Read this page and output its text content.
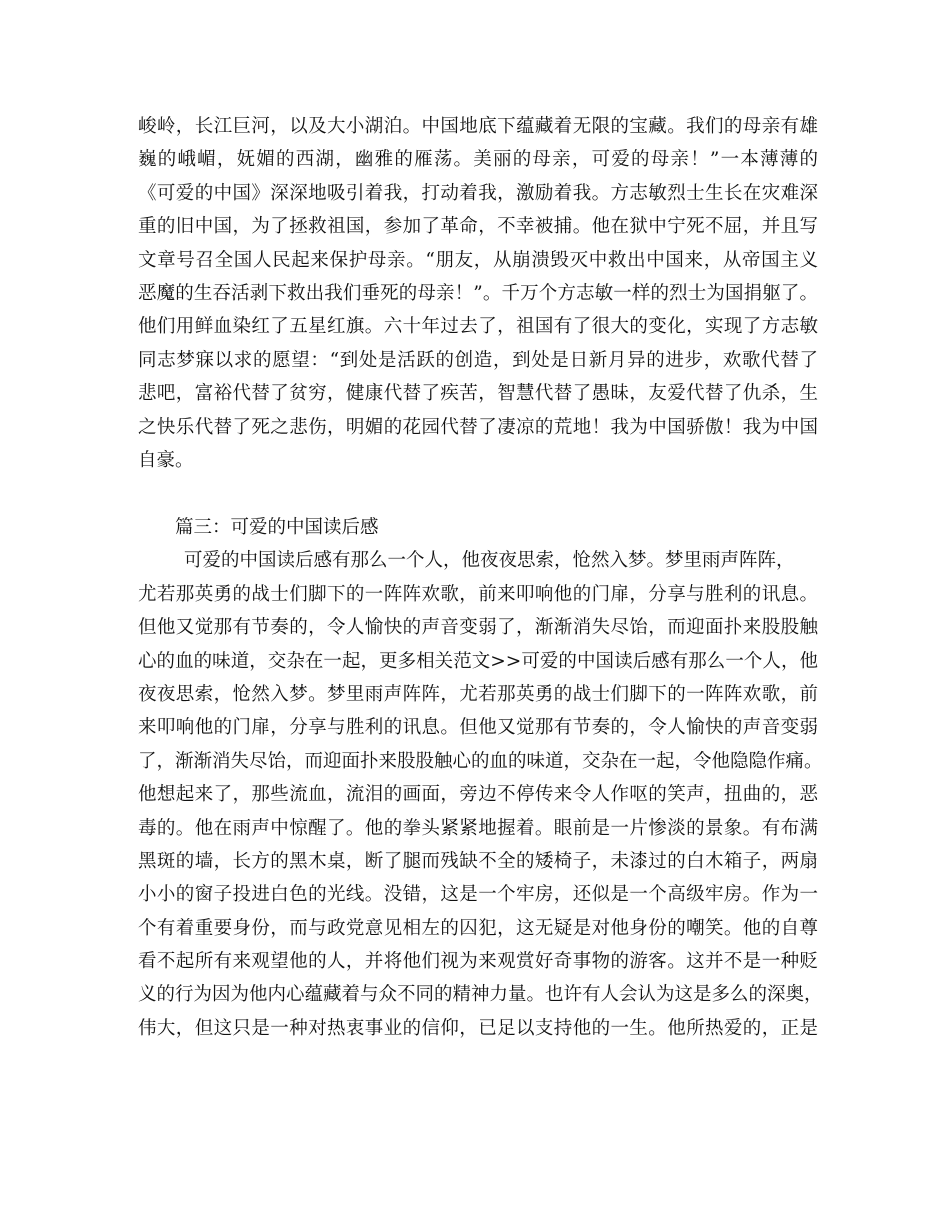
峻岭，长江巨河，以及大小湖泊。中国地底下蕴藏着无限的宝藏。我们的母亲有雄
巍的峨嵋，妩媚的西湖，幽雅的雁荡。美丽的母亲，可爱的母亲！”一本薄薄的
《可爱的中国》深深地吸引着我，打动着我，激励着我。方志敏烈士生长在灾难深
重的旧中国，为了拯救祖国，参加了革命，不幸被捕。他在狱中宁死不屈，并且写
文章号召全国人民起来保护母亲。“朋友，从崩溃毁灭中救出中国来，从帝国主义
恶魔的生吞活剥下救出我们垂死的母亲！”。千万个方志敏一样的烈士为国捐躯了。
他们用鲜血染红了五星红旗。六十年过去了，祖国有了很大的变化，实现了方志敏
同志梦寐以求的愿望：“到处是活跃的创造，到处是日新月异的进步，欢歌代替了
悲吧，富裕代替了贫穷，健康代替了疾苦，智慧代替了愚昧，友爱代替了仇杀，生
之快乐代替了死之悲伤，明媚的花园代替了凄凉的荒地！我为中国骄傲！我为中国
自豪。
篇三：可爱的中国读后感
可爱的中国读后感有那么一个人，他夜夜思索，怆然入梦。梦里雨声阵阵，
尤若那英勇的战士们脚下的一阵阵欢歌，前来叩响他的门扉，分享与胜利的讯息。
但他又觉那有节奏的，令人愉快的声音变弱了，渐渐消失尽饴，而迎面扑来股股触
心的血的味道，交杂在一起，更多相关范文>>可爱的中国读后感有那么一个人，他
夜夜思索，怆然入梦。梦里雨声阵阵，尤若那英勇的战士们脚下的一阵阵欢歌，前
来叩响他的门扉，分享与胜利的讯息。但他又觉那有节奏的，令人愉快的声音变弱
了，渐渐消失尽饴，而迎面扑来股股触心的血的味道，交杂在一起，令他隐隐作痛。
他想起来了，那些流血，流泪的画面，旁边不停传来令人作呕的笑声，扭曲的，恶
毒的。他在雨声中惊醒了。他的拳头紧紧地握着。眼前是一片惨淡的景象。有布满
黑斑的墙，长方的黑木桌，断了腿而残缺不全的矮椅子，未漆过的白木箱子，两扇
小小的窗子投进白色的光线。没错，这是一个牢房，还似是一个高级牢房。作为一
个有着重要身份，而与政党意见相左的囚犯，这无疑是对他身份的嘲笑。他的自尊
看不起所有来观望他的人，并将他们视为来观赏好奇事物的游客。这并不是一种贬
义的行为因为他内心蕴藏着与众不同的精神力量。也许有人会认为这是多么的深奥，
伟大，但这只是一种对热衷事业的信仰，已足以支持他的一生。他所热爱的，正是
